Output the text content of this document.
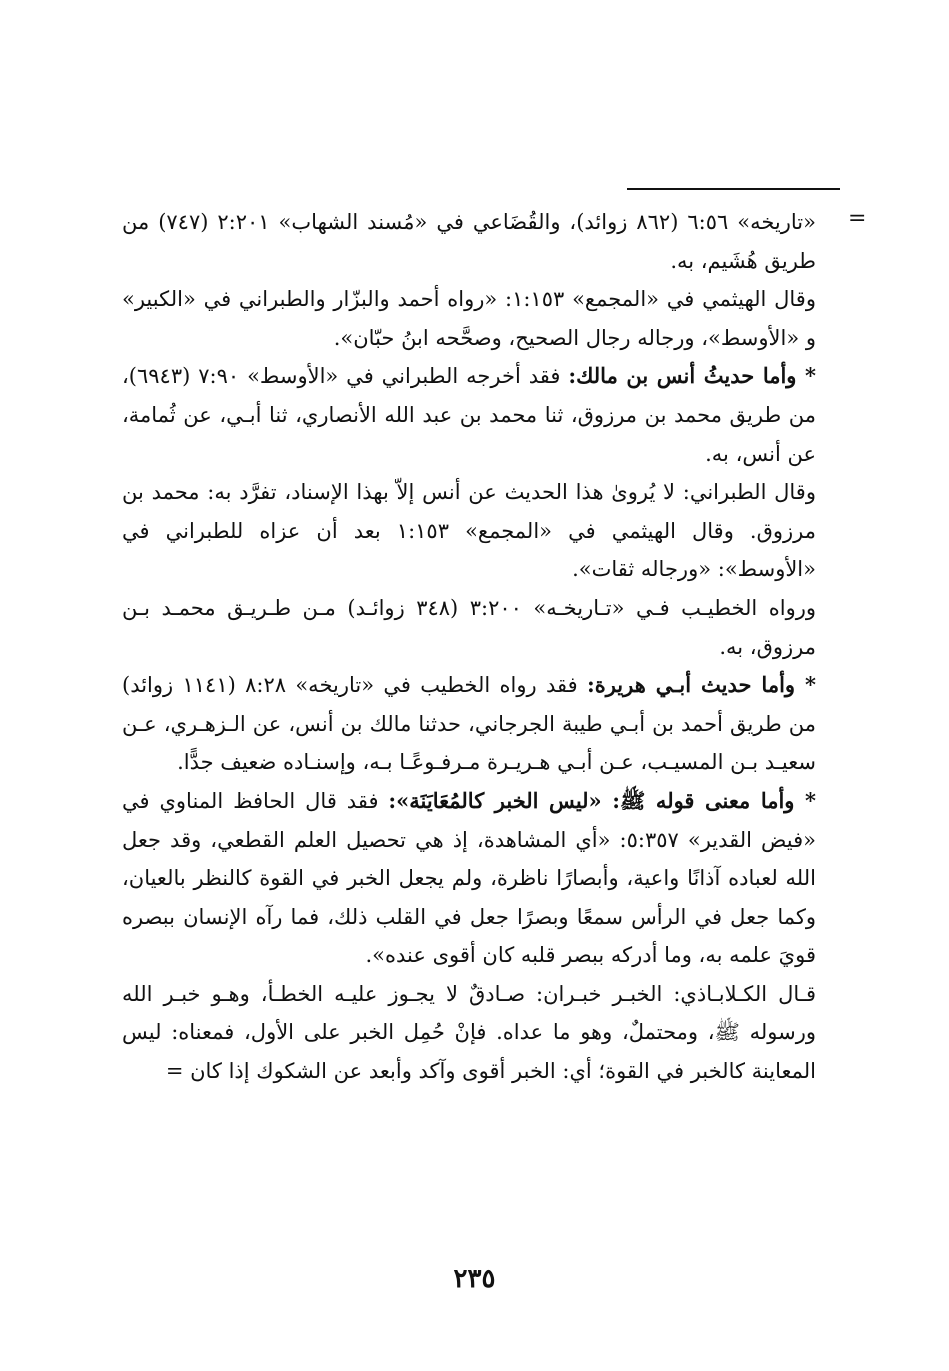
=

«تاريخه» ٦:٥٦ (٨٦٢ زوائد)، والقُضَاعي في «مُسند الشهاب» ٢:٢٠١ (٧٤٧) من طريق هُشَيم، به.

وقال الهيثمي في «المجمع» ١:١٥٣: «رواه أحمد والبزّار والطبراني في «الكبير» و «الأوسط»، ورجاله رجال الصحيح، وصحَّحه ابنُ حبّان».

* وأما حديثُ أنس بن مالك: فقد أخرجه الطبراني في «الأوسط» ٧:٩٠ (٦٩٤٣)، من طريق محمد بن مرزوق، ثنا محمد بن عبد الله الأنصاري، ثنا أبـي، عن ثُمامة، عن أنس، به.

وقال الطبراني: لا يُروىٰ هذا الحديث عن أنس إلاّ بهذا الإسناد، تفرَّد به: محمد بن مرزوق. وقال الهيثمي في «المجمع» ١:١٥٣ بعد أن عزاه للطبراني في «الأوسط»: «ورجاله ثقات».

ورواه الخطيـب فـي «تـاريخـه» ٣:٢٠٠ (٣٤٨ زوائـد) مـن طـريـق محمـد بـن مرزوق، به.

* وأما حديث أبـي هريرة: فقد رواه الخطيب في «تاريخه» ٨:٢٨ (١١٤١ زوائد) من طريق أحمد بن أبـي طيبة الجرجاني، حدثنا مالك بن أنس، عن الـزهـري، عـن سعيـد بـن المسيـب، عـن أبـي هـريـرة مـرفـوعًـا بـه، وإسنـاده ضعيف جدًّا.

* وأما معنى قوله ﷺ: «ليس الخبر كالمُعَايَنَة»: فقد قال الحافظ المناوي في «فيض القدير» ٥:٣٥٧: «أي المشاهدة، إذ هي تحصيل العلم القطعي، وقد جعل الله لعباده آذانًا واعية، وأبصارًا ناظرة، ولم يجعل الخبر في القوة كالنظر بالعيان، وكما جعل في الرأس سمعًا وبصرًا جعل في القلب ذلك، فما رآه الإنسان ببصره قويَ علمه به، وما أدركه ببصر قلبه كان أقوى عنده».

قـال الكـلابـاذي: الخبـر خبـران: صـادقٌ لا يجـوز عليـه الخطـأ، وهـو خبـر الله ورسوله ﷺ، ومحتملٌ، وهو ما عداه. فإنْ حُمِل الخبر على الأول، فمعناه: ليس المعاينة كالخبر في القوة؛ أي: الخبر أقوى وآكد وأبعد عن الشكوك إذا كان =

٢٣٥
